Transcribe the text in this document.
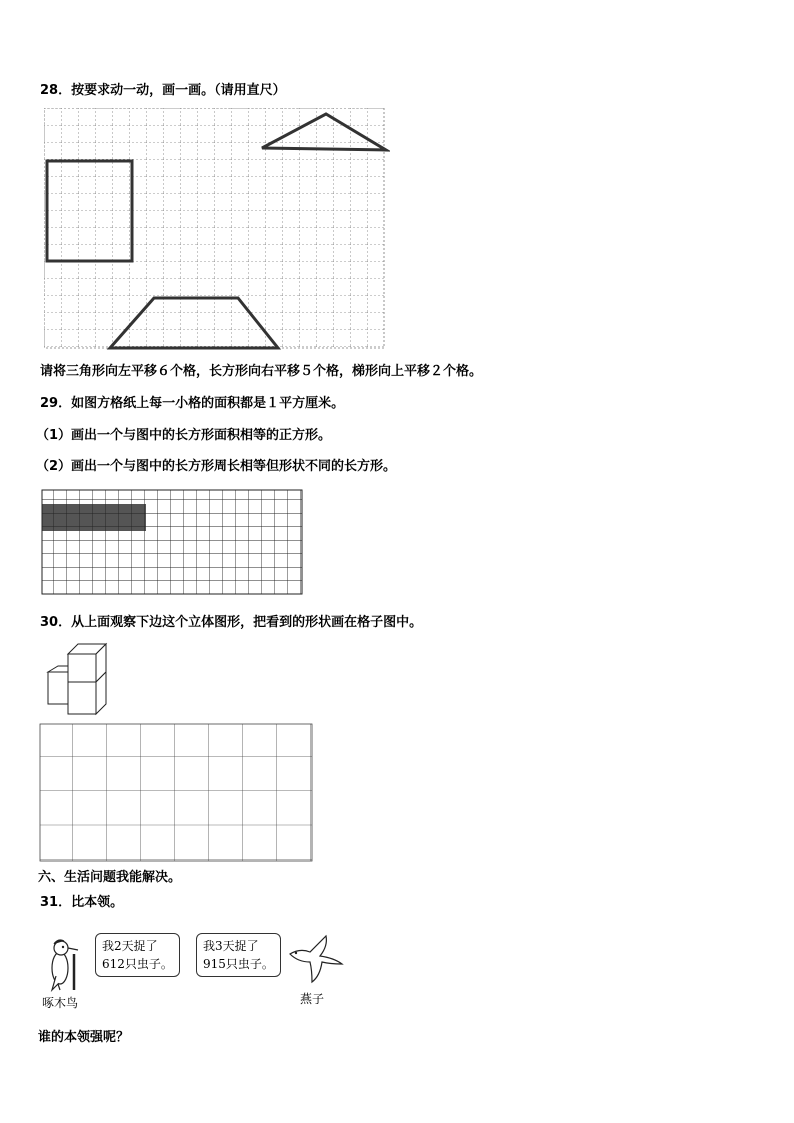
28．按要求动一动，画一画。（请用直尺）
请将三角形向左平移６个格，长方形向右平移５个格，梯形向上平移２个格。
29．如图方格纸上每一小格的面积都是１平方厘米。
（1）画出一个与图中的长方形面积相等的正方形。
（2）画出一个与图中的长方形周长相等但形状不同的长方形。
30．从上面观察下边这个立体图形，把看到的形状画在格子图中。
六、生活问题我能解决。
31．比本领。
我2天捉了
612只虫子。
啄木鸟
我3天捉了
915只虫子。
燕子
谁的本领强呢？
